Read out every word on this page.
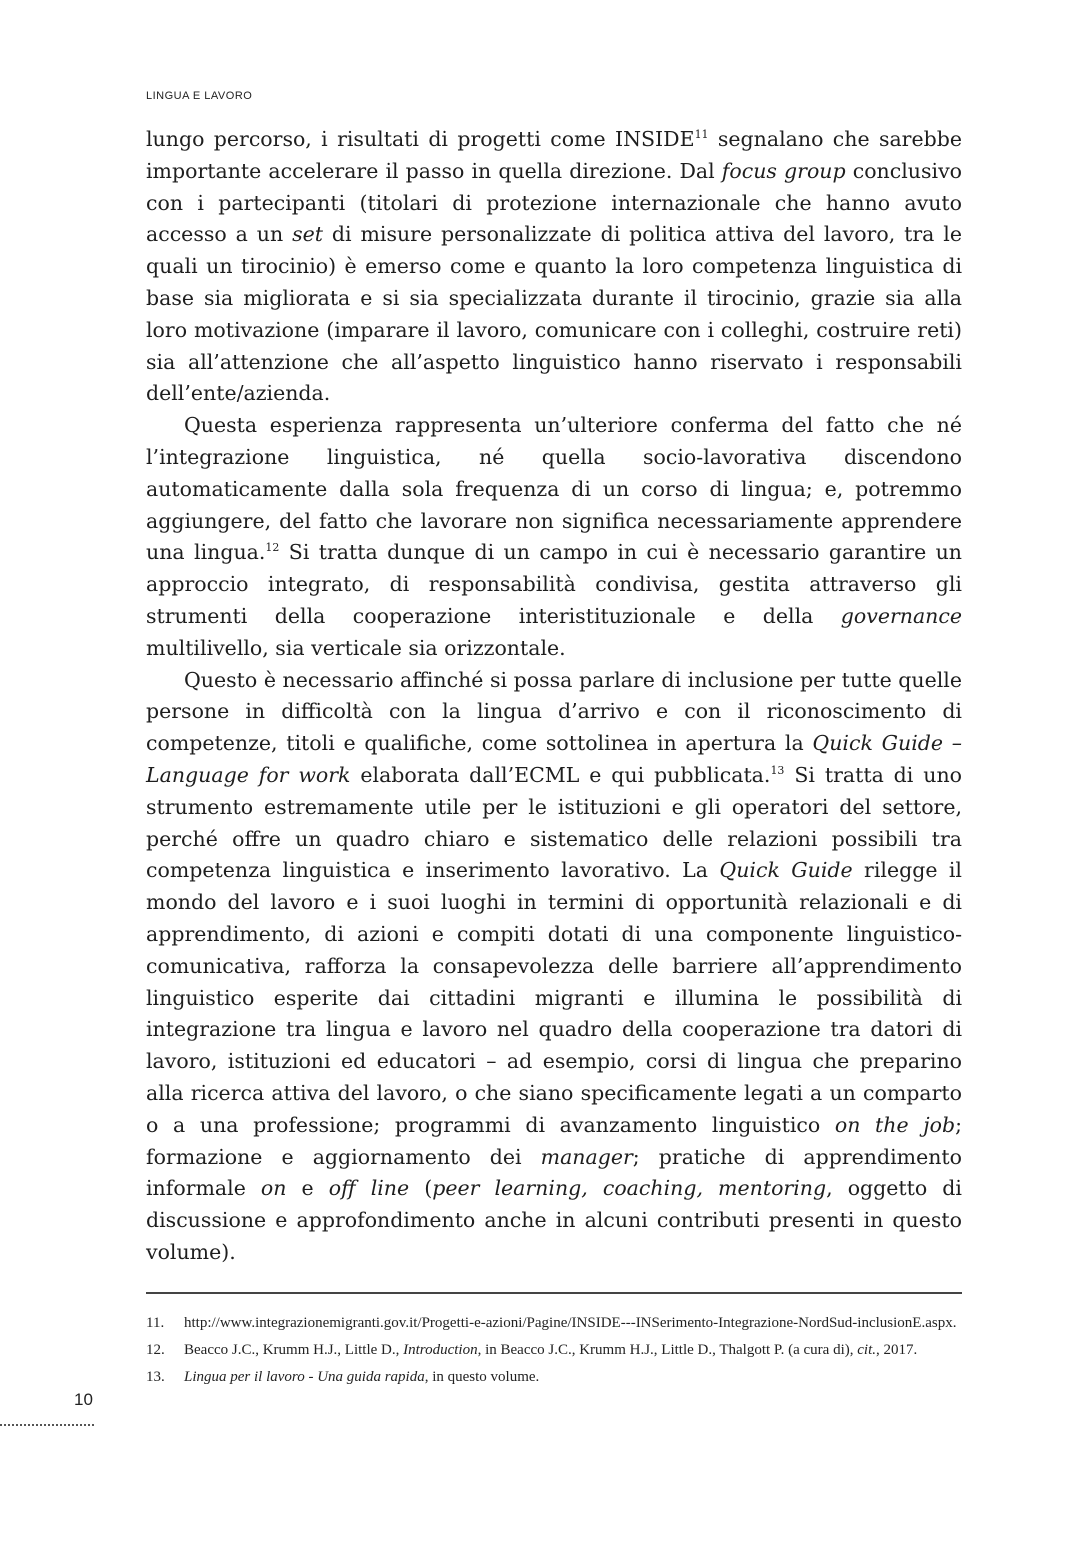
LINGUA E LAVORO

lungo percorso, i risultati di progetti come INSIDE$^{11}$ segnalano che sarebbe importante accelerare il passo in quella direzione. Dal focus group conclusivo con i partecipanti (titolari di protezione internazionale che hanno avuto accesso a un set di misure personalizzate di politica attiva del lavoro, tra le quali un tirocinio) è emerso come e quanto la loro competenza linguistica di base sia migliorata e si sia specializzata durante il tirocinio, grazie sia alla loro motivazione (imparare il lavoro, comunicare con i colleghi, costruire reti) sia all’attenzione che all’aspetto linguistico hanno riservato i responsabili dell’ente/azienda.

Questa esperienza rappresenta un’ulteriore conferma del fatto che né l’integrazione linguistica, né quella socio-lavorativa discendono automaticamente dalla sola frequenza di un corso di lingua; e, potremmo aggiungere, del fatto che lavorare non significa necessariamente apprendere una lingua.$^{12}$ Si tratta dunque di un campo in cui è necessario garantire un approccio integrato, di responsabilità condivisa, gestita attraverso gli strumenti della cooperazione interistituzionale e della governance multilivello, sia verticale sia orizzontale.

Questo è necessario affinché si possa parlare di inclusione per tutte quelle persone in difficoltà con la lingua d’arrivo e con il riconoscimento di competenze, titoli e qualifiche, come sottolinea in apertura la Quick Guide – Language for work elaborata dall’ECML e qui pubblicata.$^{13}$ Si tratta di uno strumento estremamente utile per le istituzioni e gli operatori del settore, perché offre un quadro chiaro e sistematico delle relazioni possibili tra competenza linguistica e inserimento lavorativo. La Quick Guide rilegge il mondo del lavoro e i suoi luoghi in termini di opportunità relazionali e di apprendimento, di azioni e compiti dotati di una componente linguistico-comunicativa, rafforza la consapevolezza delle barriere all’apprendimento linguistico esperite dai cittadini migranti e illumina le possibilità di integrazione tra lingua e lavoro nel quadro della cooperazione tra datori di lavoro, istituzioni ed educatori – ad esempio, corsi di lingua che preparino alla ricerca attiva del lavoro, o che siano specificamente legati a un comparto o a una professione; programmi di avanzamento linguistico on the job; formazione e aggiornamento dei manager; pratiche di apprendimento informale on e off line (peer learning, coaching, mentoring, oggetto di discussione e approfondimento anche in alcuni contributi presenti in questo volume).

11.	http://www.integrazionemigranti.gov.it/Progetti-e-azioni/Pagine/INSIDE---INSerimento-Integrazione-NordSud-inclusionE.aspx.
12.	Beacco J.C., Krumm H.J., Little D., Introduction, in Beacco J.C., Krumm H.J., Little D., Thalgott P. (a cura di), cit., 2017.
13.	Lingua per il lavoro - Una guida rapida, in questo volume.
10
